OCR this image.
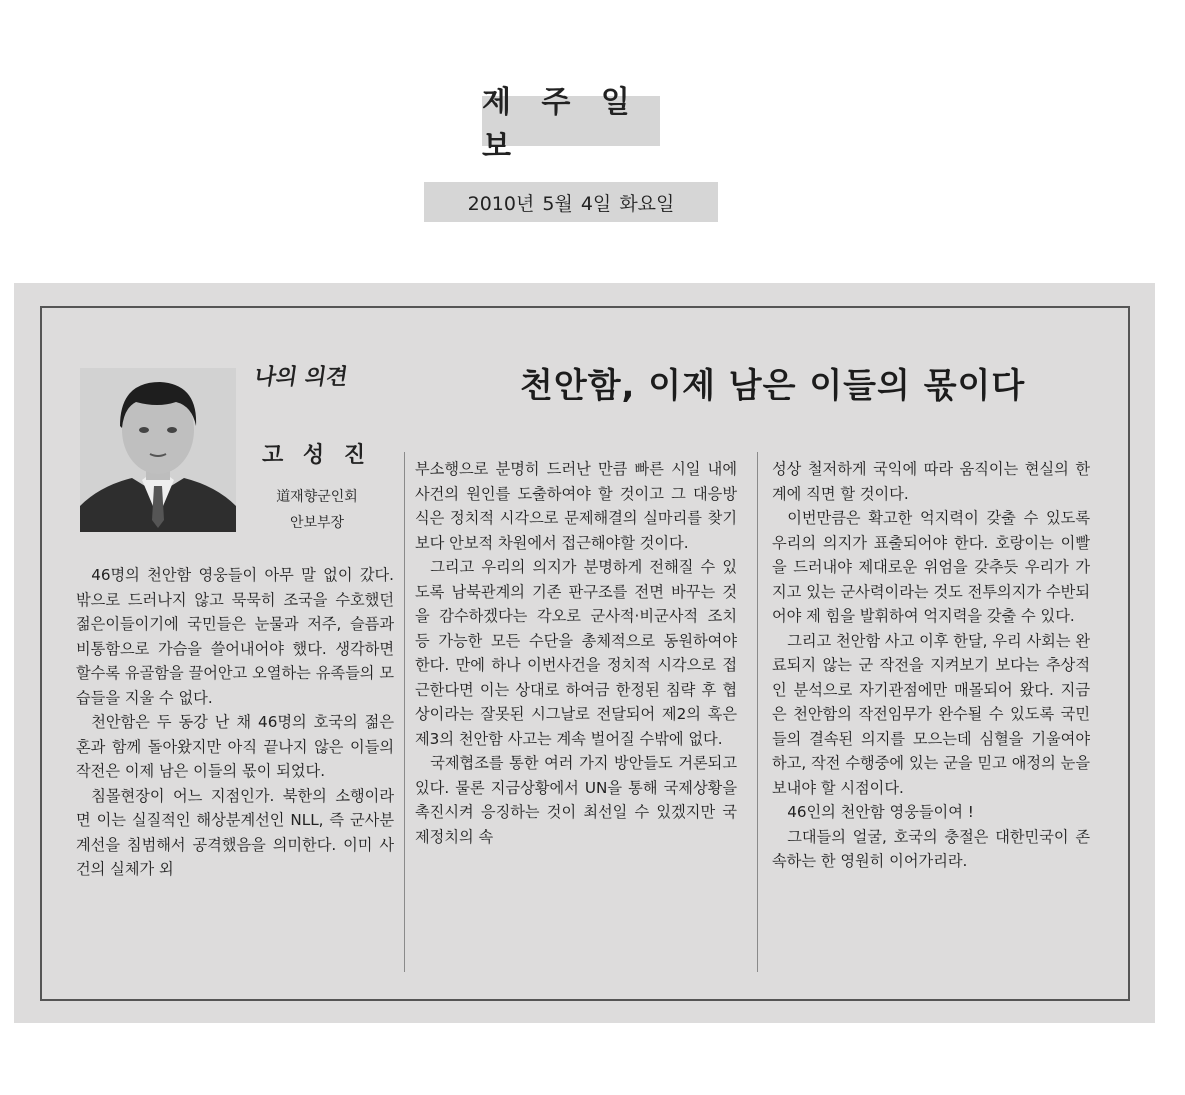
제 주 일 보
2010년 5월 4일 화요일
나의 의견	천안함, 이제 남은 이들의 몫이다
고 성 진
道재향군인회
안보부장

46명의 천안함 영웅들이 아무 말 없이 갔다. 밖으로 드러나지 않고 묵묵히 조국을 수호했던 젊은이들이기에 국민들은 눈물과 저주, 슬픔과 비통함으로 가슴을 쓸어내어야 했다. 생각하면 할수록 유골함을 끌어안고 오열하는 유족들의 모습들을 지울 수 없다.

천안함은 두 동강 난 채 46명의 호국의 젊은 혼과 함께 돌아왔지만 아직 끝나지 않은 이들의 작전은 이제 남은 이들의 몫이 되었다.

침몰현장이 어느 지점인가. 북한의 소행이라면 이는 실질적인 해상분계선인 NLL, 즉 군사분계선을 침범해서 공격했음을 의미한다. 이미 사건의 실체가 외

부소행으로 분명히 드러난 만큼 빠른 시일 내에 사건의 원인를 도출하여야 할 것이고 그 대응방식은 정치적 시각으로 문제해결의 실마리를 찾기보다 안보적 차원에서 접근해야할 것이다.

그리고 우리의 의지가 분명하게 전해질 수 있도록 남북관계의 기존 판구조를 전면 바꾸는 것을 감수하겠다는 각오로 군사적·비군사적 조치 등 가능한 모든 수단을 총체적으로 동원하여야 한다. 만에 하나 이번사건을 정치적 시각으로 접근한다면 이는 상대로 하여금 한정된 침략 후 협상이라는 잘못된 시그날로 전달되어 제2의 혹은 제3의 천안함 사고는 계속 벌어질 수밖에 없다.

국제협조를 통한 여러 가지 방안들도 거론되고 있다. 물론 지금상황에서 UN을 통해 국제상황을 촉진시켜 응징하는 것이 최선일 수 있겠지만 국제정치의 속

성상 철저하게 국익에 따라 움직이는 현실의 한계에 직면 할 것이다.

이번만큼은 확고한 억지력이 갖출 수 있도록 우리의 의지가 표출되어야 한다. 호랑이는 이빨을 드러내야 제대로운 위엄을 갖추듯 우리가 가지고 있는 군사력이라는 것도 전투의지가 수반되어야 제 힘을 발휘하여 억지력을 갖출 수 있다.

그리고 천안함 사고 이후 한달, 우리 사회는 완료되지 않는 군 작전을 지켜보기 보다는 추상적인 분석으로 자기관점에만 매몰되어 왔다. 지금은 천안함의 작전임무가 완수될 수 있도록 국민들의 결속된 의지를 모으는데 심혈을 기울여야 하고, 작전 수행중에 있는 군을 믿고 애정의 눈을 보내야 할 시점이다.

46인의 천안함 영웅들이여 !

그대들의 얼굴, 호국의 충절은 대한민국이 존속하는 한 영원히 이어가리라.
